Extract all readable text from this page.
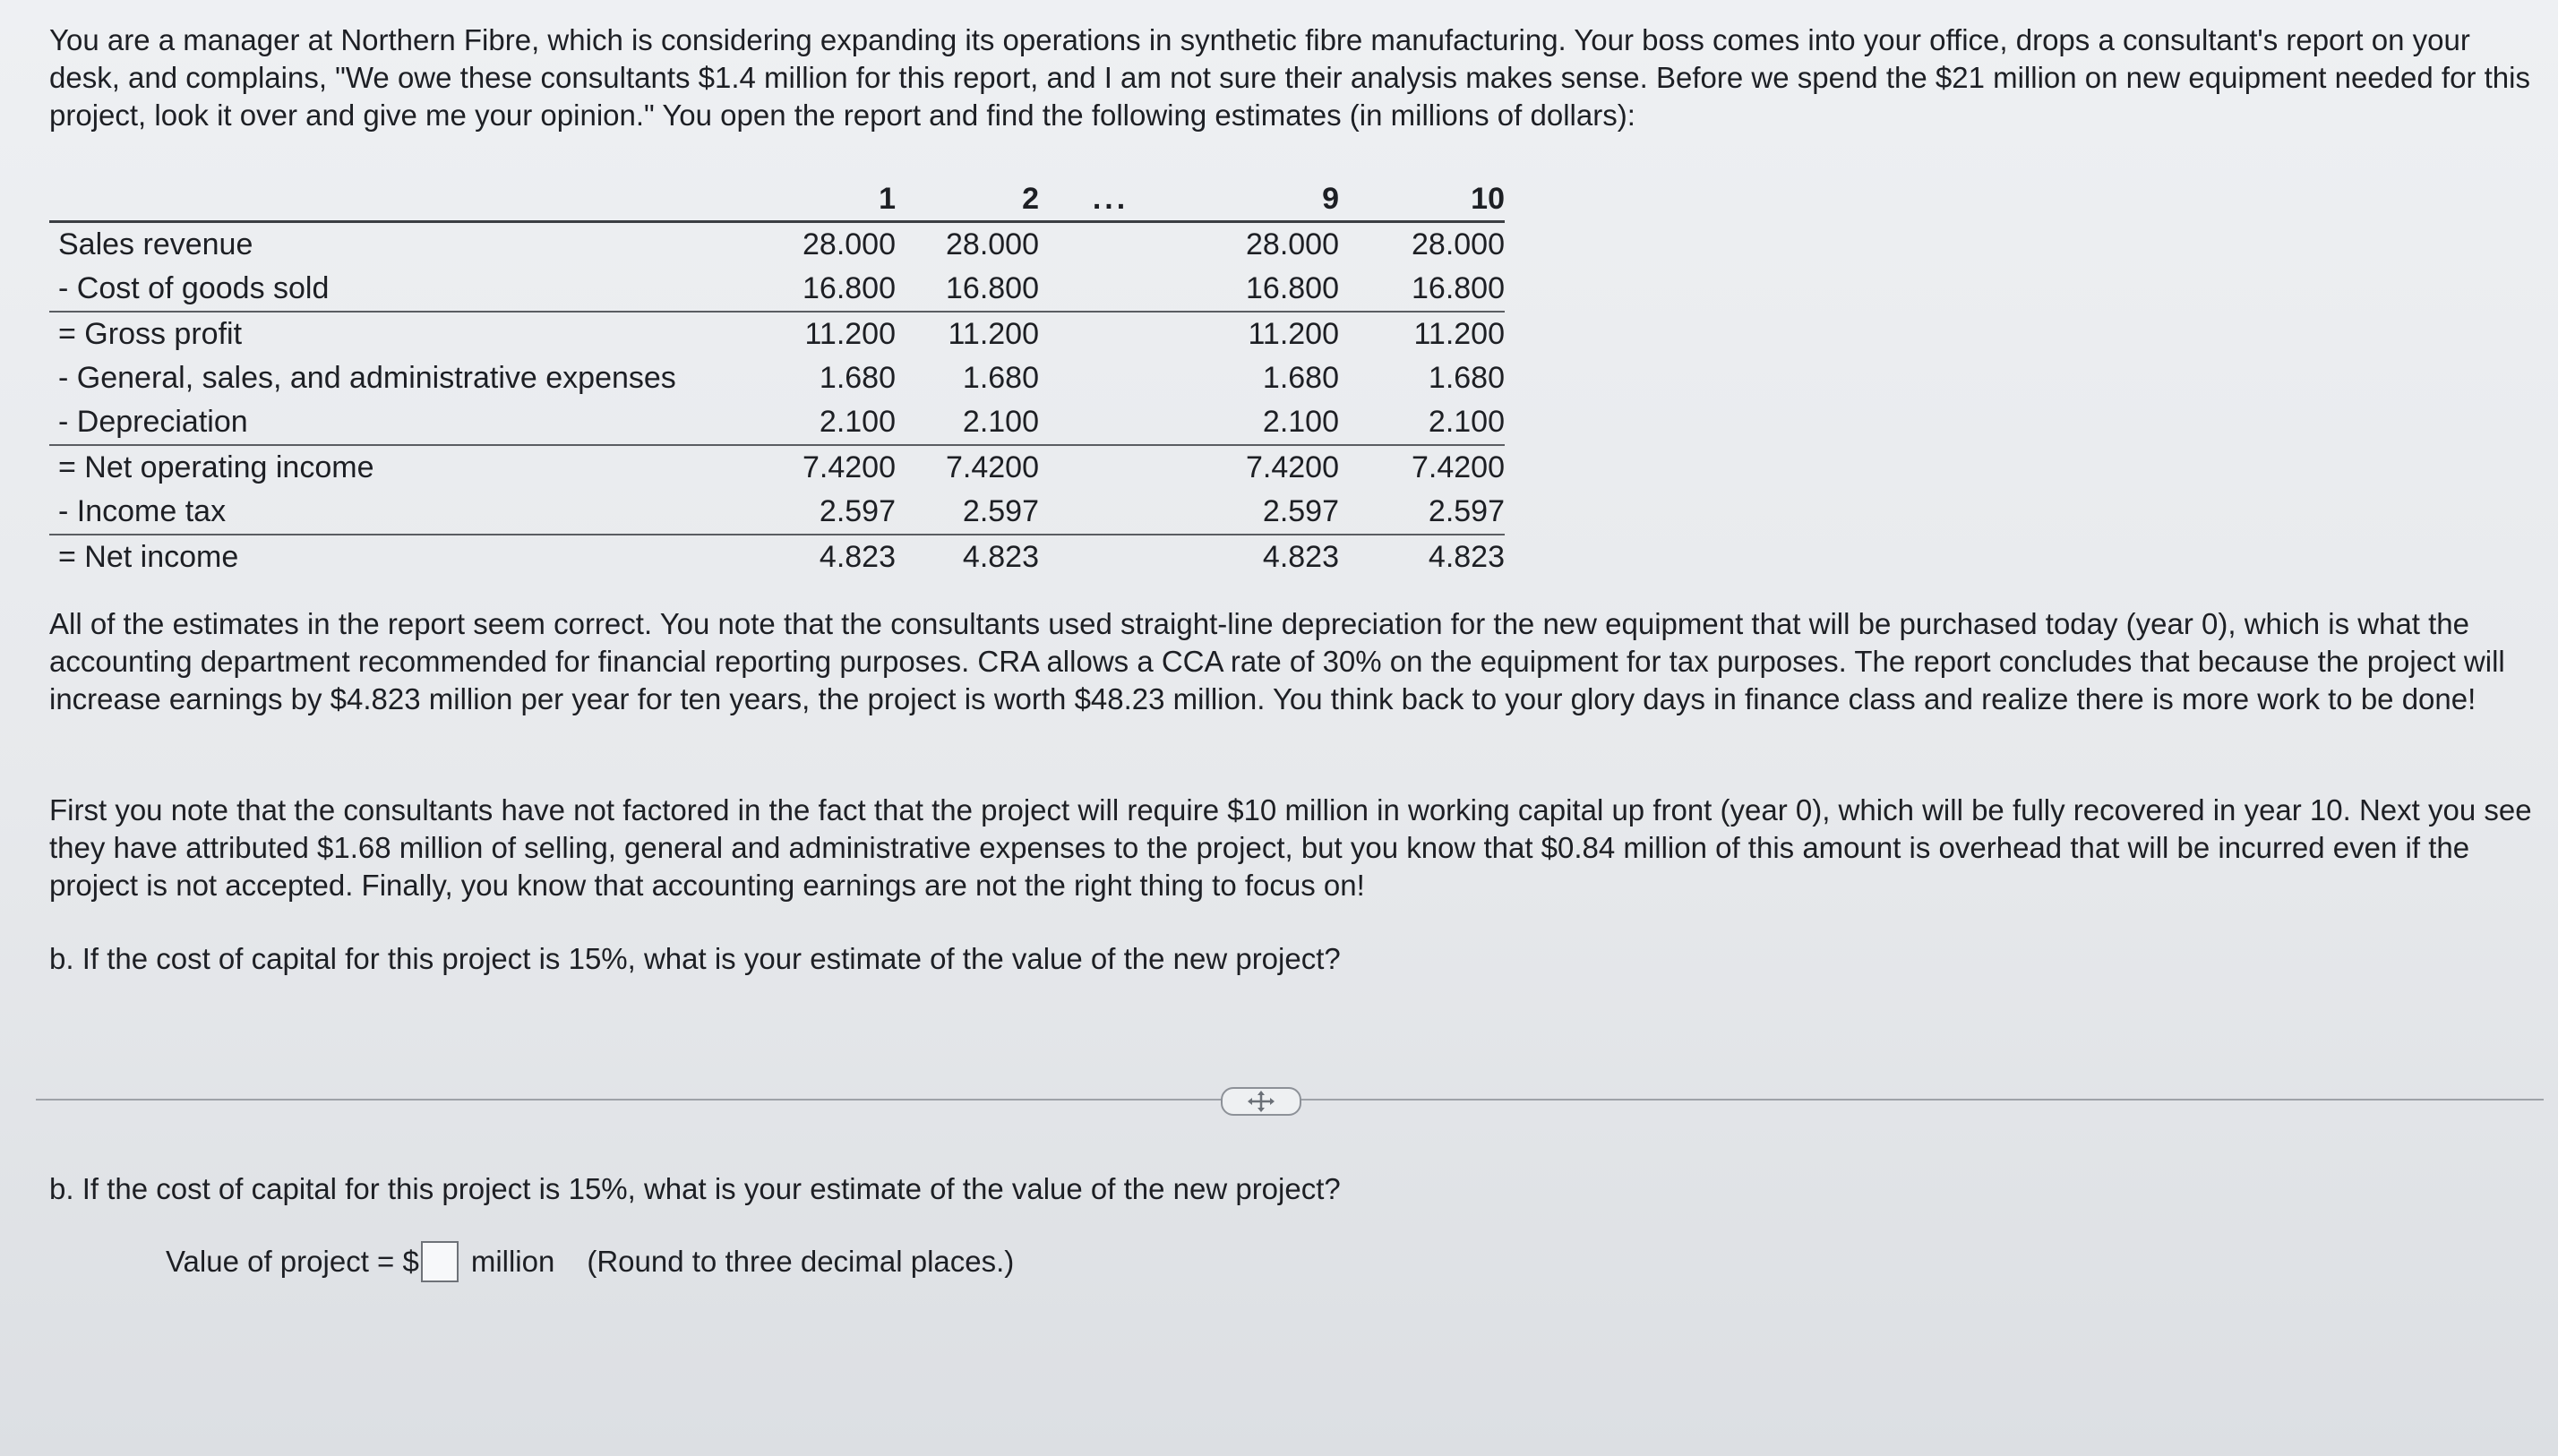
You are a manager at Northern Fibre, which is considering expanding its operations in synthetic fibre manufacturing. Your boss comes into your office, drops a consultant's report on your desk, and complains, "We owe these consultants $1.4 million for this report, and I am not sure their analysis makes sense. Before we spend the $21 million on new equipment needed for this project, look it over and give me your opinion." You open the report and find the following estimates (in millions of dollars):

	1	2	...	9	10
Sales revenue	28.000	28.000		28.000	28.000
- Cost of goods sold	16.800	16.800		16.800	16.800
= Gross profit	11.200	11.200		11.200	11.200
- General, sales, and administrative expenses	1.680	1.680		1.680	1.680
- Depreciation	2.100	2.100		2.100	2.100
= Net operating income	7.4200	7.4200		7.4200	7.4200
- Income tax	2.597	2.597		2.597	2.597
= Net income	4.823	4.823		4.823	4.823

All of the estimates in the report seem correct. You note that the consultants used straight-line depreciation for the new equipment that will be purchased today (year 0), which is what the accounting department recommended for financial reporting purposes. CRA allows a CCA rate of 30% on the equipment for tax purposes. The report concludes that because the project will increase earnings by $4.823 million per year for ten years, the project is worth $48.23 million. You think back to your glory days in finance class and realize there is more work to be done!

First you note that the consultants have not factored in the fact that the project will require $10 million in working capital up front (year 0), which will be fully recovered in year 10. Next you see they have attributed $1.68 million of selling, general and administrative expenses to the project, but you know that $0.84 million of this amount is overhead that will be incurred even if the project is not accepted. Finally, you know that accounting earnings are not the right thing to focus on!

b. If the cost of capital for this project is 15%, what is your estimate of the value of the new project?

b. If the cost of capital for this project is 15%, what is your estimate of the value of the new project?

Value of project = $ million (Round to three decimal places.)
